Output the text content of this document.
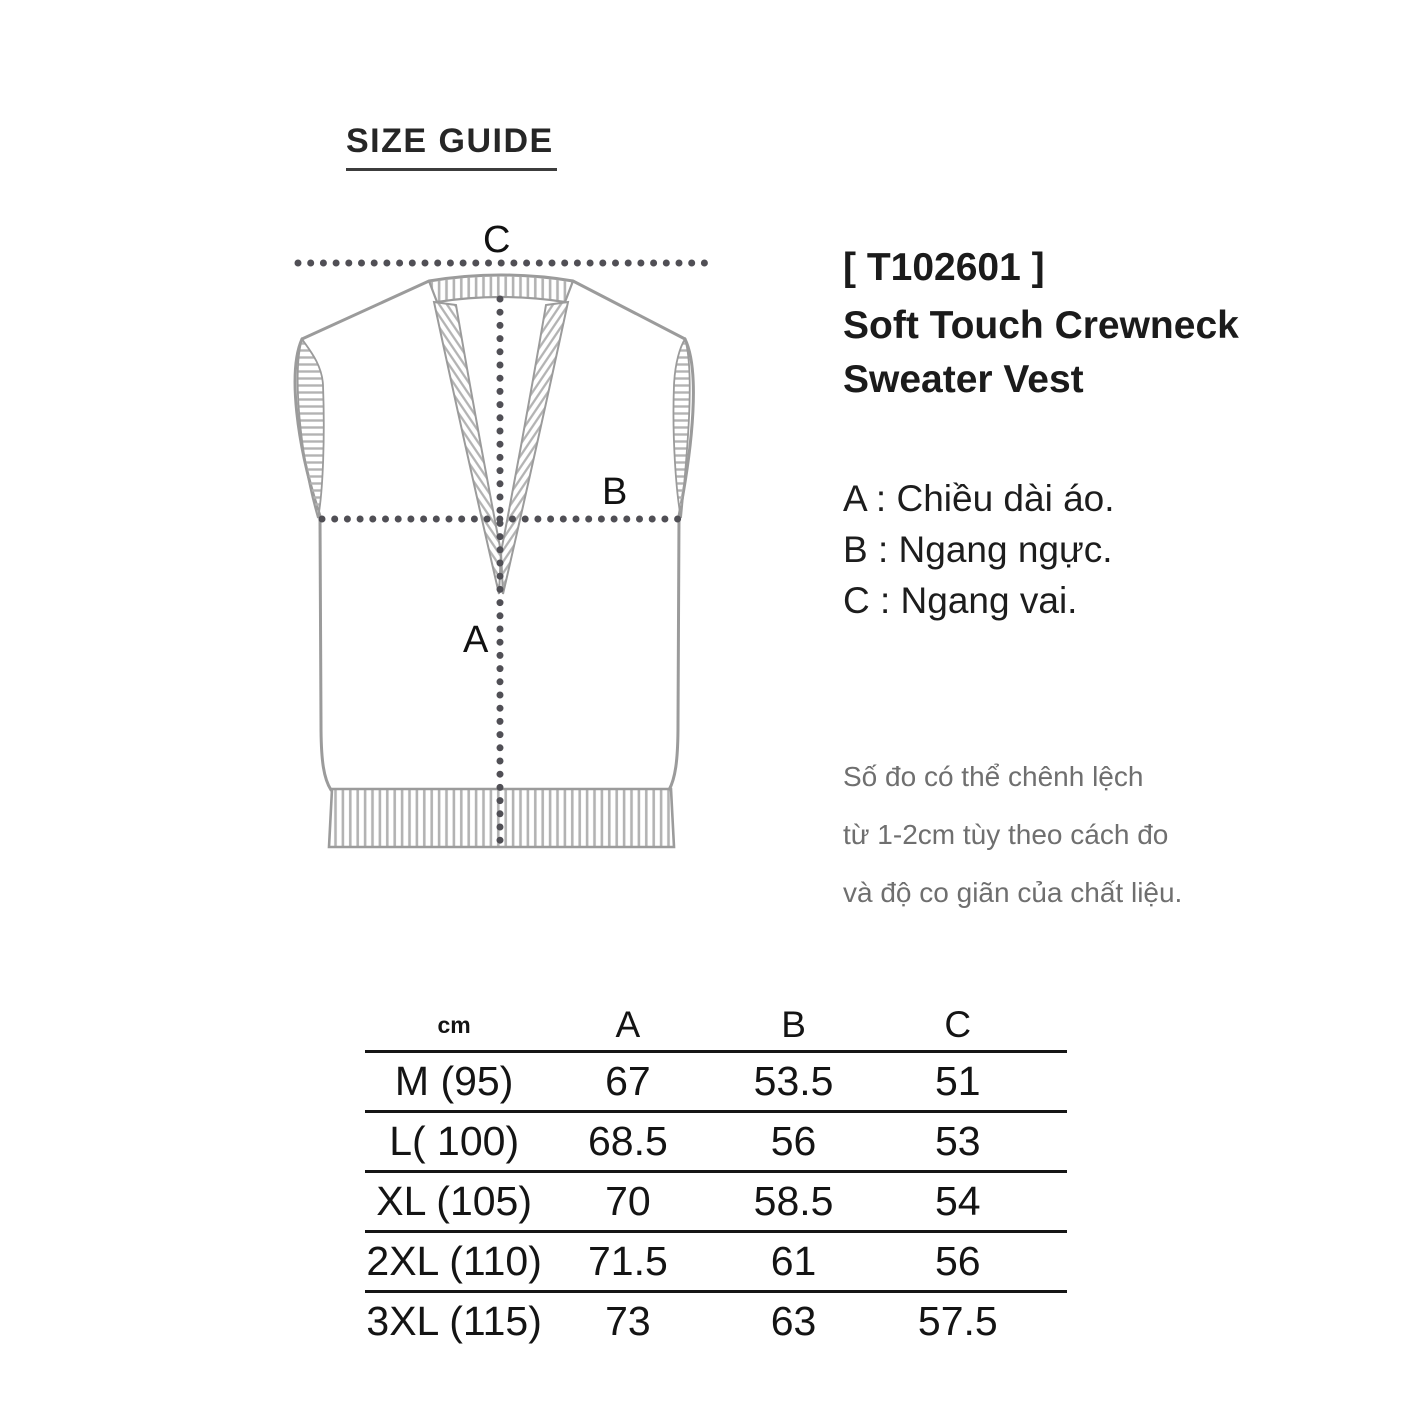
SIZE GUIDE
C
B
A
[ T102601 ]
Soft Touch Crewneck
Sweater Vest
A : Chiều dài áo.
B : Ngang ngực.
C : Ngang vai.
Số đo có thể chênh lệch
từ 1-2cm tùy theo cách đo
và độ co giãn của chất liệu.
cm	A	B	C
M (95)	67	53.5	51
L( 100)	68.5	56	53
XL (105)	70	58.5	54
2XL (110)	71.5	61	56
3XL (115)	73	63	57.5
